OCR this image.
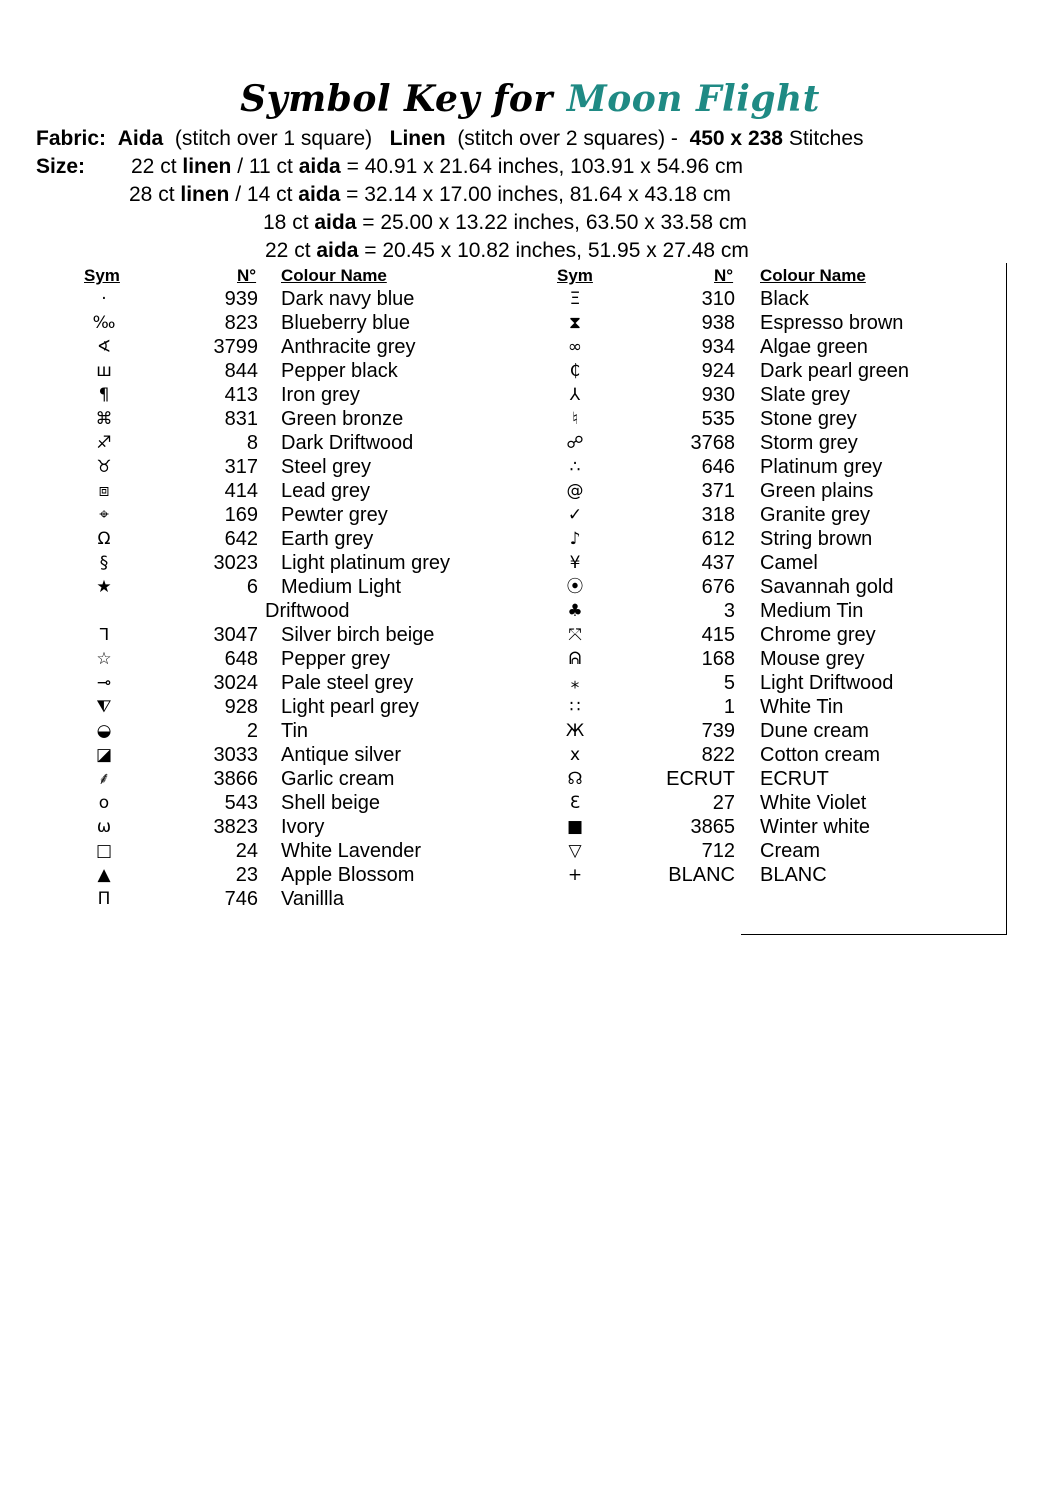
Symbol Key for Moon Flight
Fabric: Aida (stitch over 1 square) Linen (stitch over 2 squares) - 450 x 238 Stitches
Size: 22 ct linen / 11 ct aida = 40.91 x 21.64 inches, 103.91 x 54.96 cm
28 ct linen / 14 ct aida = 32.14 x 17.00 inches, 81.64 x 43.18 cm
18 ct aida = 25.00 x 13.22 inches, 63.50 x 33.58 cm
22 ct aida = 20.45 x 10.82 inches, 51.95 x 27.48 cm
Sym	N° Colour Name	Sym	N° Colour Name
·	939 Dark navy blue
‰	823 Blueberry blue
∢	3799 Anthracite grey
ш	844 Pepper black
¶	413 Iron grey
⌘	831 Green bronze
♐	8 Dark Driftwood
♉	317 Steel grey
⧈	414 Lead grey
⌖	169 Pewter grey
Ω	642 Earth grey
§	3023 Light platinum grey
★	6 Medium Light
Driftwood
ᒣ	3047 Silver birch beige
☆	648 Pepper grey
⊸	3024 Pale steel grey
⧨	928 Light pearl grey
◒	2 Tin
◪	3033 Antique silver
⸙	3866 Garlic cream
o	543 Shell beige
ω	3823 Ivory
□	24 White Lavender
▲	23 Apple Blossom
Π	746 Vanillla
Ξ	310 Black
⧗	938 Espresso brown
∞	934 Algae green
₵	924 Dark pearl green
⅄	930 Slate grey
♮	535 Stone grey
☍	3768 Storm grey
∴	646 Platinum grey
@	371 Green plains
✓	318 Granite grey
♪	612 String brown
¥	437 Camel
⦿	676 Savannah gold
♣	3 Medium Tin
⤧	415 Chrome grey
ᕱ	168 Mouse grey
⁎	5 Light Driftwood
∷	1 White Tin
Ж	739 Dune cream
x	822 Cotton cream
☊	ECRUT ECRUT
Ɛ	27 White Violet
■	3865 Winter white
▽	712 Cream
+	BLANC BLANC
